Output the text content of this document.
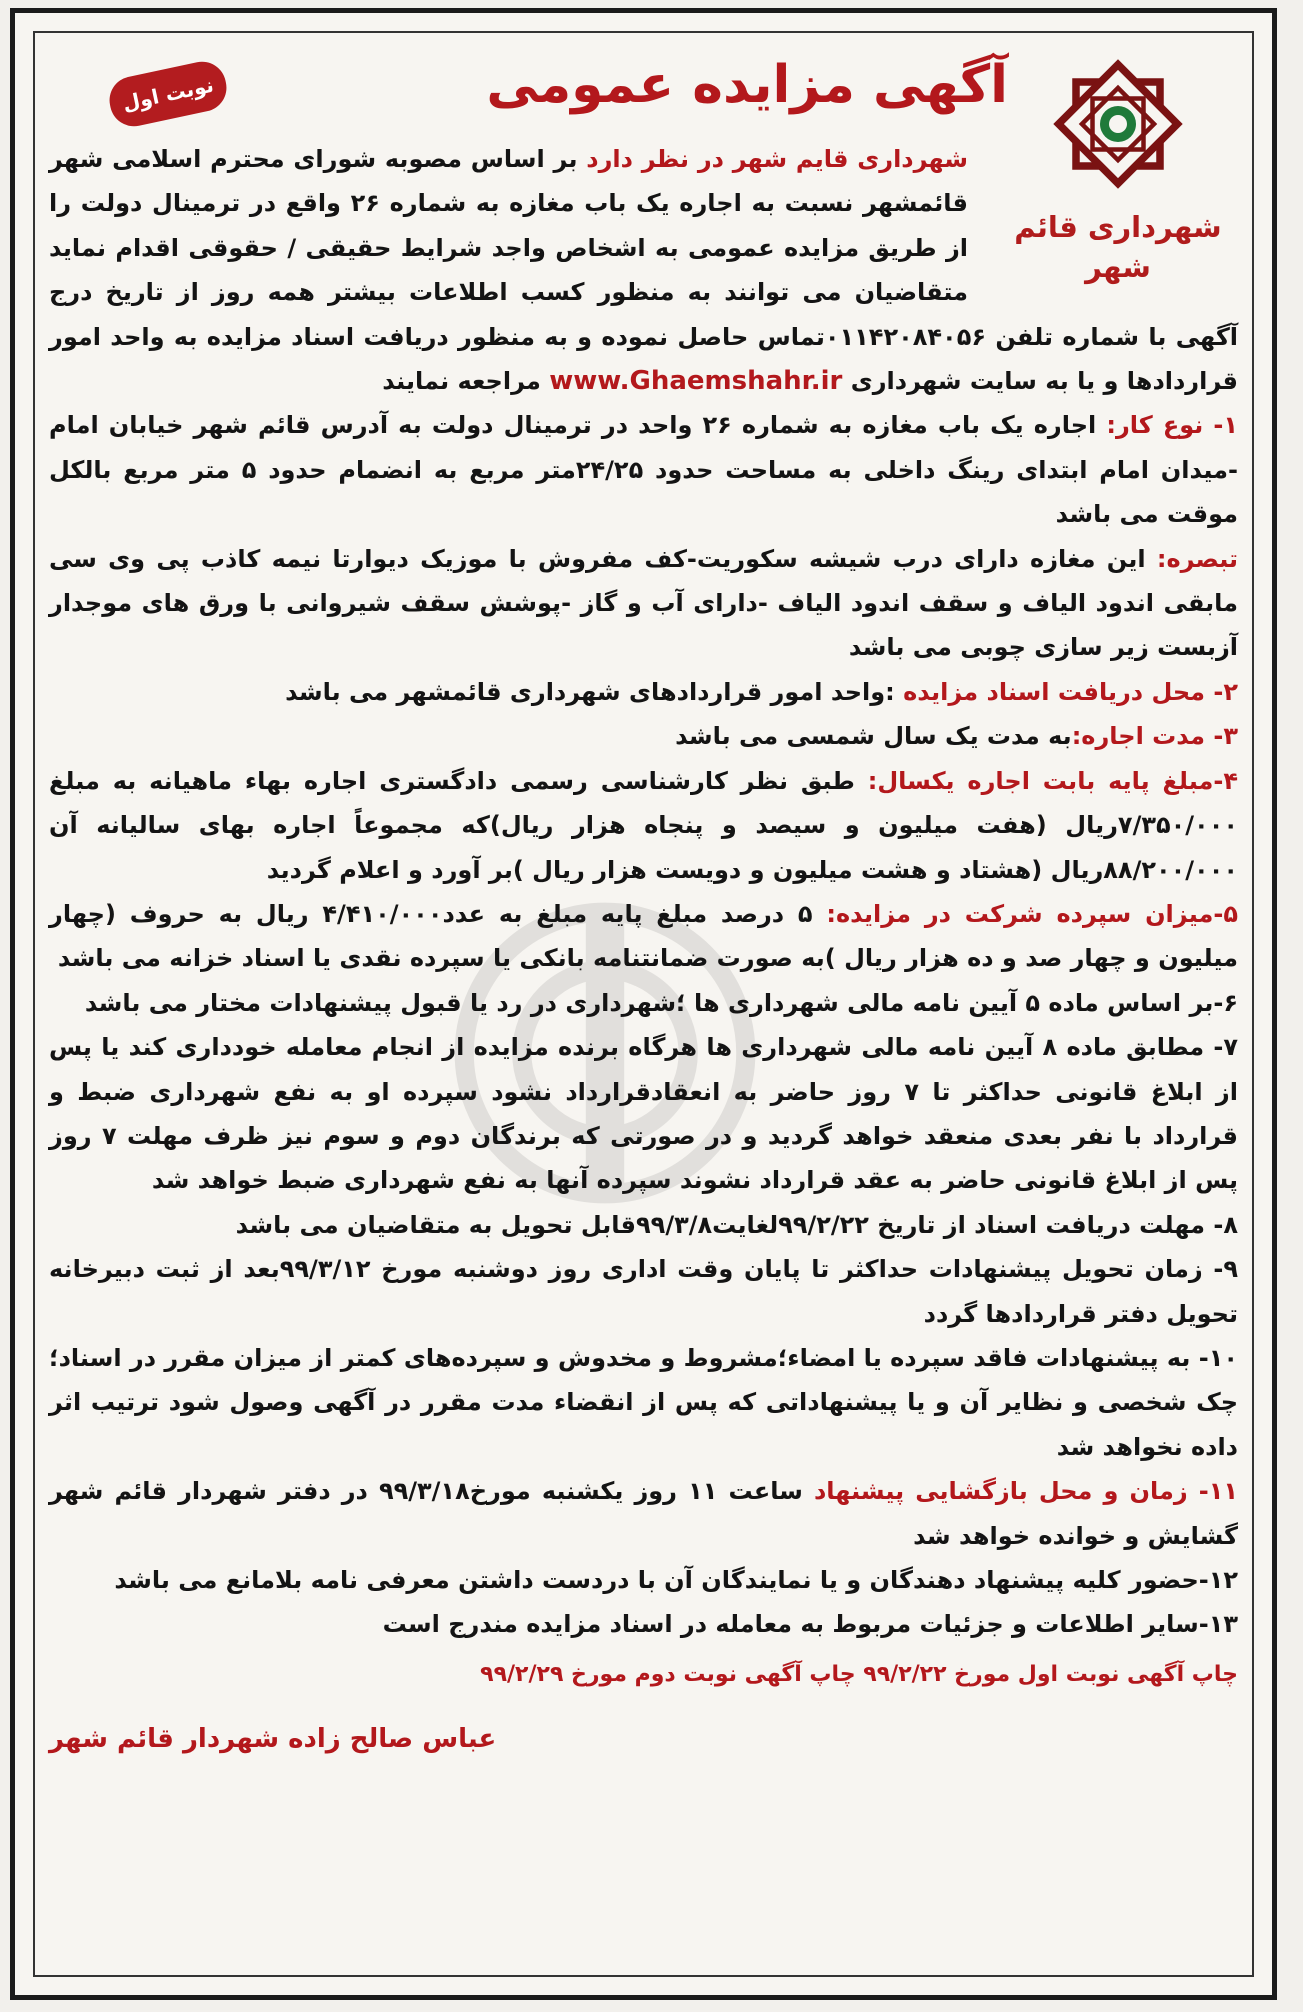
شهرداری قائم شهر
آگهی مزایده عمومی
نوبت اول

شهرداری قایم شهر در نظر دارد بر اساس مصوبه شورای محترم اسلامی شهر قائمشهر نسبت به اجاره یک باب مغازه به شماره ۲۶ واقع در ترمینال دولت را از طریق مزایده عمومی به اشخاص واجد شرایط حقیقی / حقوقی اقدام نماید متقاضیان می توانند به منظور کسب اطلاعات بیشتر همه روز از تاریخ درج آگهی با شماره تلفن ۰۱۱۴۲۰۸۴۰۵۶تماس حاصل نموده و به منظور دریافت اسناد مزایده به واحد امور قراردادها و یا به سایت شهرداری www.Ghaemshahr.ir مراجعه نمایند

۱- نوع کار: اجاره یک باب مغازه به شماره ۲۶ واحد در ترمینال دولت به آدرس قائم شهر خیابان امام -میدان امام ابتدای رینگ داخلی به مساحت حدود ۲۴/۲۵متر مربع به انضمام حدود ۵ متر مربع بالکل موقت می باشد

تبصره: این مغازه دارای درب شیشه سکوریت-کف مفروش با موزیک دیوارتا نیمه کاذب پی وی سی مابقی اندود الیاف و سقف اندود الیاف -دارای آب و گاز -پوشش سقف شیروانی با ورق های موجدار آزبست زیر سازی چوبی می باشد

۲- محل دریافت اسناد مزایده :واحد امور قراردادهای شهرداری قائمشهر می باشد

۳- مدت اجاره:به مدت یک سال شمسی می باشد

۴-مبلغ پایه بابت اجاره یکسال: طبق نظر کارشناسی رسمی دادگستری اجاره بهاء ماهیانه به مبلغ ۷/۳۵۰/۰۰۰ریال (هفت میلیون و سیصد و پنجاه هزار ریال)که مجموعاً اجاره بهای سالیانه آن ۸۸/۲۰۰/۰۰۰ریال (هشتاد و هشت میلیون و دویست هزار ریال )بر آورد و اعلام گردید

۵-میزان سپرده شرکت در مزایده: ۵ درصد مبلغ پایه مبلغ به عدد۴/۴۱۰/۰۰۰ ریال به حروف (چهار میلیون و چهار صد و ده هزار ریال )به صورت ضمانتنامه بانکی یا سپرده نقدی یا اسناد خزانه می باشد

۶-بر اساس ماده ۵ آیین نامه مالی شهرداری ها ؛شهرداری در رد یا قبول پیشنهادات مختار می باشد

۷- مطابق ماده ۸ آیین نامه مالی شهرداری ها هرگاه برنده مزایده از انجام معامله خودداری کند یا پس از ابلاغ قانونی حداکثر تا ۷ روز حاضر به انعقادقرارداد نشود سپرده او به نفع شهرداری ضبط و قرارداد با نفر بعدی منعقد خواهد گردید و در صورتی که برندگان دوم و سوم نیز ظرف مهلت ۷ روز پس از ابلاغ قانونی حاضر به عقد قرارداد نشوند سپرده آنها به نفع شهرداری ضبط خواهد شد

۸- مهلت دریافت اسناد از تاریخ ۹۹/۲/۲۲لغایت۹۹/۳/۸قابل تحویل به متقاضیان می باشد

۹- زمان تحویل پیشنهادات حداکثر تا پایان وقت اداری روز دوشنبه مورخ ۹۹/۳/۱۲بعد از ثبت دبیرخانه تحویل دفتر قراردادها گردد

۱۰- به پیشنهادات فاقد سپرده یا امضاء؛مشروط و مخدوش و سپرده‌های کمتر از میزان مقرر در اسناد؛ چک شخصی و نظایر آن و یا پیشنهاداتی که پس از انقضاء مدت مقرر در آگهی وصول شود ترتیب اثر داده نخواهد شد

۱۱- زمان و محل بازگشایی پیشنهاد ساعت ۱۱ روز یکشنبه مورخ۹۹/۳/۱۸ در دفتر شهردار قائم شهر گشایش و خوانده خواهد شد

۱۲-حضور کلیه پیشنهاد دهندگان و یا نمایندگان آن با دردست داشتن معرفی نامه بلامانع می باشد

۱۳-سایر اطلاعات و جزئیات مربوط به معامله در اسناد مزایده مندرج است

چاپ آگهی نوبت اول مورخ ۹۹/۲/۲۲ چاپ آگهی نوبت دوم مورخ ۹۹/۲/۲۹

عباس صالح زاده شهردار قائم شهر
